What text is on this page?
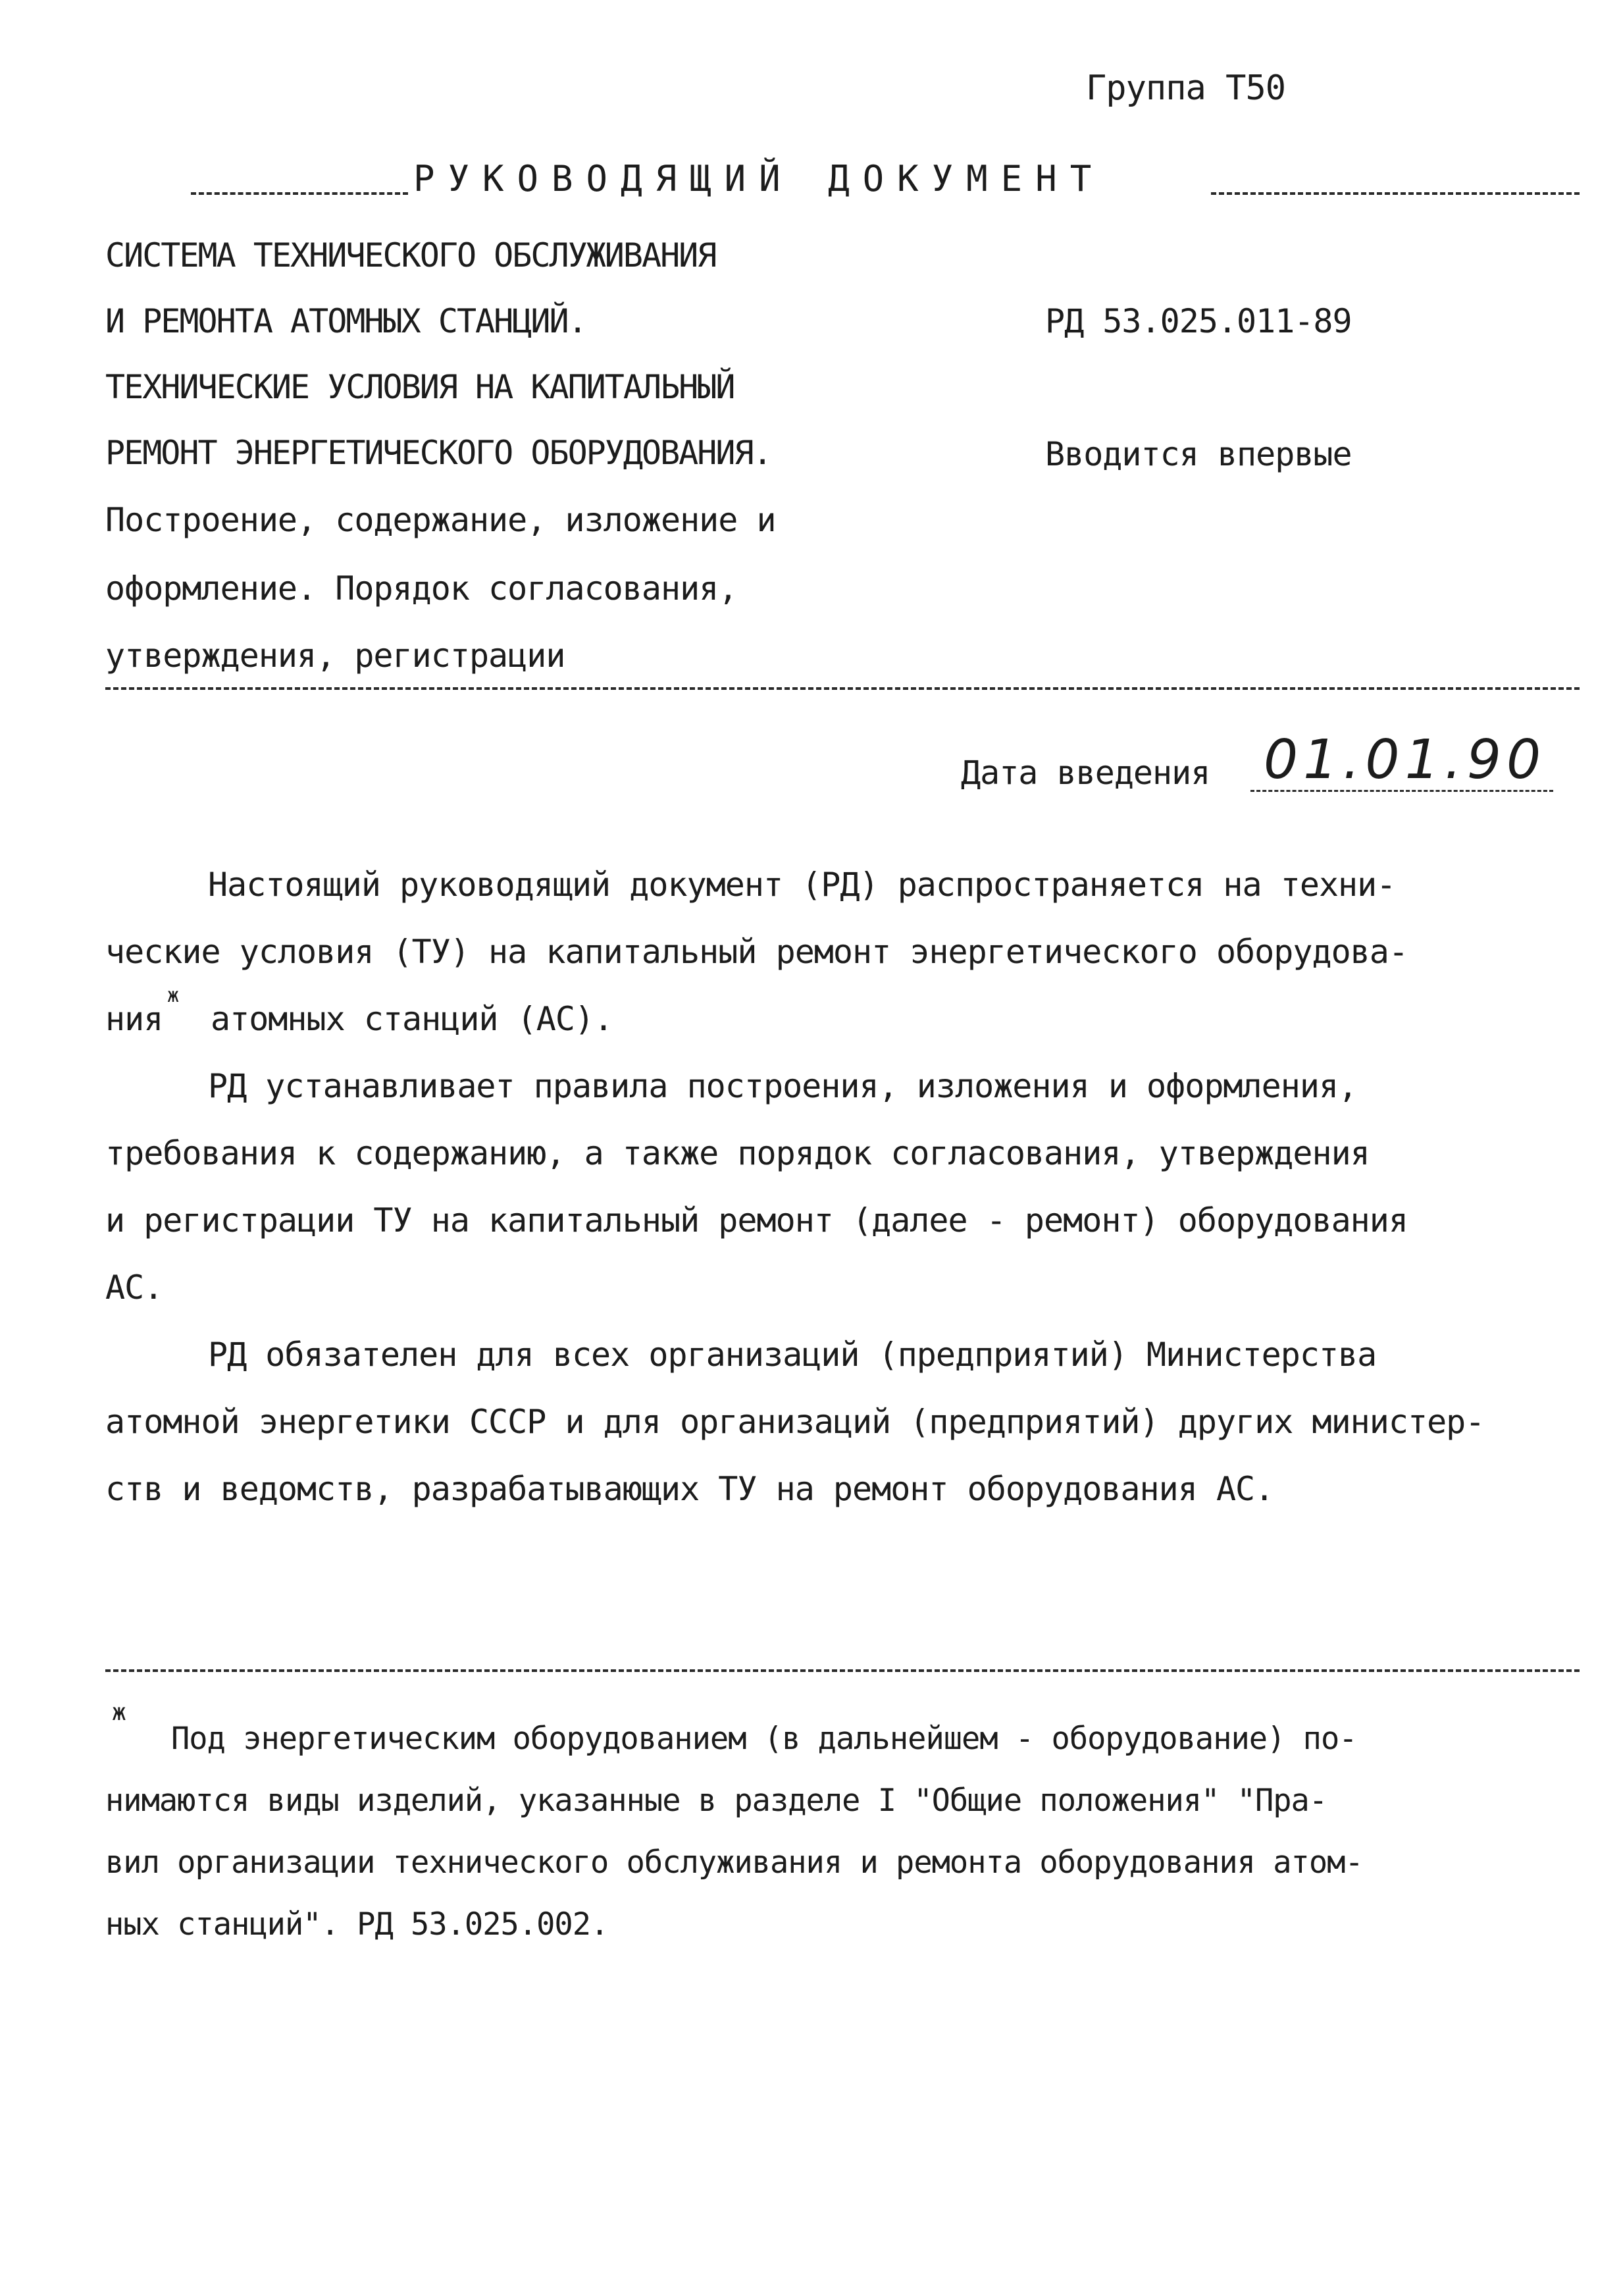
Группа Т50
РУКОВОДЯЩИЙ ДОКУМЕНТ
СИСТЕМА ТЕХНИЧЕСКОГО ОБСЛУЖИВАНИЯ
И РЕМОНТА АТОМНЫХ СТАНЦИЙ.
ТЕХНИЧЕСКИЕ УСЛОВИЯ НА КАПИТАЛЬНЫЙ
РЕМОНТ ЭНЕРГЕТИЧЕСКОГО ОБОРУДОВАНИЯ.
Построение, содержание, изложение и
оформление. Порядок согласования,
утверждения, регистрации
РД 53.025.011-89
Вводится впервые
Дата введения 01.01.90
Настоящий руководящий документ (РД) распространяется на техни-
ческие условия (ТУ) на капитальный ремонт энергетического оборудова-
ния
ж
атомных станций (АС).
РД устанавливает правила построения, изложения и оформления,
требования к содержанию, а также порядок согласования, утверждения
и регистрации ТУ на капитальный ремонт (далее - ремонт) оборудования
АС.
РД обязателен для всех организаций (предприятий) Министерства
атомной энергетики СССР и для организаций (предприятий) других министер-
ств и ведомств, разрабатывающих ТУ на ремонт оборудования АС.
ж
Под энергетическим оборудованием (в дальнейшем - оборудование) по-
нимаются виды изделий, указанные в разделе I "Общие положения" "Пра-
вил организации технического обслуживания и ремонта оборудования атом-
ных станций". РД 53.025.002.
